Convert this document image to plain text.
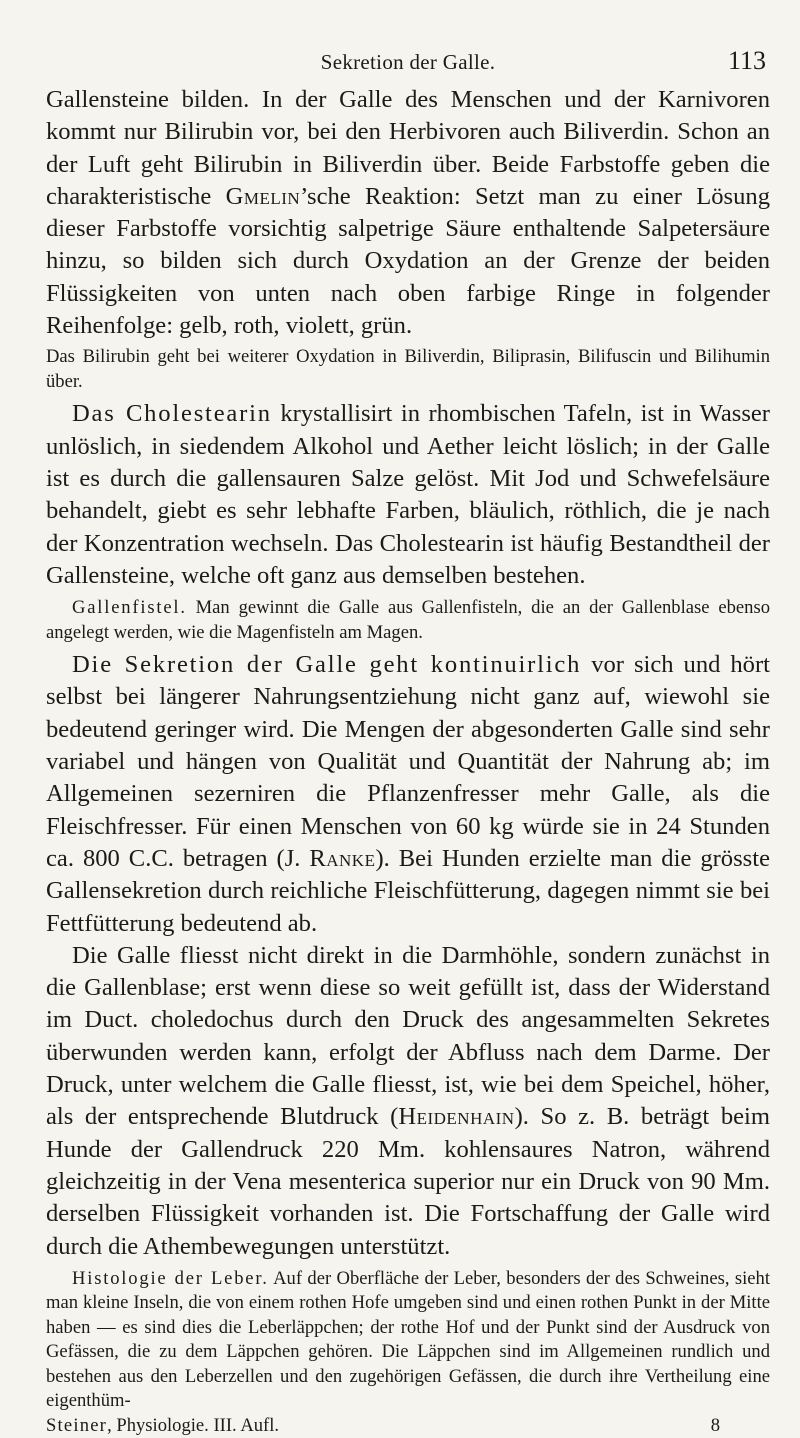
Sekretion der Galle.	113

Gallensteine bilden. In der Galle des Menschen und der Karnivoren kommt nur Bilirubin vor, bei den Herbivoren auch Biliverdin. Schon an der Luft geht Bilirubin in Biliverdin über. Beide Farbstoffe geben die charakteristische Gmelin’sche Reaktion: Setzt man zu einer Lösung dieser Farbstoffe vorsichtig salpetrige Säure enthaltende Salpetersäure hinzu, so bilden sich durch Oxydation an der Grenze der beiden Flüssigkeiten von unten nach oben farbige Ringe in folgender Reihenfolge: gelb, roth, violett, grün.

Das Bilirubin geht bei weiterer Oxydation in Biliverdin, Biliprasin, Bilifuscin und Bilihumin über.

Das Cholestearin krystallisirt in rhombischen Tafeln, ist in Wasser unlöslich, in siedendem Alkohol und Aether leicht löslich; in der Galle ist es durch die gallensauren Salze gelöst. Mit Jod und Schwefelsäure behandelt, giebt es sehr lebhafte Farben, bläulich, röthlich, die je nach der Konzentration wechseln. Das Cholestearin ist häufig Bestandtheil der Gallensteine, welche oft ganz aus demselben bestehen.

Gallenfistel. Man gewinnt die Galle aus Gallenfisteln, die an der Gallenblase ebenso angelegt werden, wie die Magenfisteln am Magen.

Die Sekretion der Galle geht kontinuirlich vor sich und hört selbst bei längerer Nahrungsentziehung nicht ganz auf, wiewohl sie bedeutend geringer wird. Die Mengen der abgesonderten Galle sind sehr variabel und hängen von Qualität und Quantität der Nahrung ab; im Allgemeinen sezerniren die Pflanzenfresser mehr Galle, als die Fleischfresser. Für einen Menschen von 60 kg würde sie in 24 Stunden ca. 800 C.C. betragen (J. Ranke). Bei Hunden erzielte man die grösste Gallensekretion durch reichliche Fleischfütterung, dagegen nimmt sie bei Fettfütterung bedeutend ab.

Die Galle fliesst nicht direkt in die Darmhöhle, sondern zunächst in die Gallenblase; erst wenn diese so weit gefüllt ist, dass der Widerstand im Duct. choledochus durch den Druck des angesammelten Sekretes überwunden werden kann, erfolgt der Abfluss nach dem Darme. Der Druck, unter welchem die Galle fliesst, ist, wie bei dem Speichel, höher, als der entsprechende Blutdruck (Heidenhain). So z. B. beträgt beim Hunde der Gallendruck 220 Mm. kohlensaures Natron, während gleichzeitig in der Vena mesenterica superior nur ein Druck von 90 Mm. derselben Flüssigkeit vorhanden ist. Die Fortschaffung der Galle wird durch die Athembewegungen unterstützt.

Histologie der Leber. Auf der Oberfläche der Leber, besonders der des Schweines, sieht man kleine Inseln, die von einem rothen Hofe umgeben sind und einen rothen Punkt in der Mitte haben — es sind dies die Leberläppchen; der rothe Hof und der Punkt sind der Ausdruck von Gefässen, die zu dem Läppchen gehören. Die Läppchen sind im Allgemeinen rundlich und bestehen aus den Leberzellen und den zugehörigen Gefässen, die durch ihre Vertheilung eine eigenthüm-

Steiner, Physiologie. III. Aufl.	8
